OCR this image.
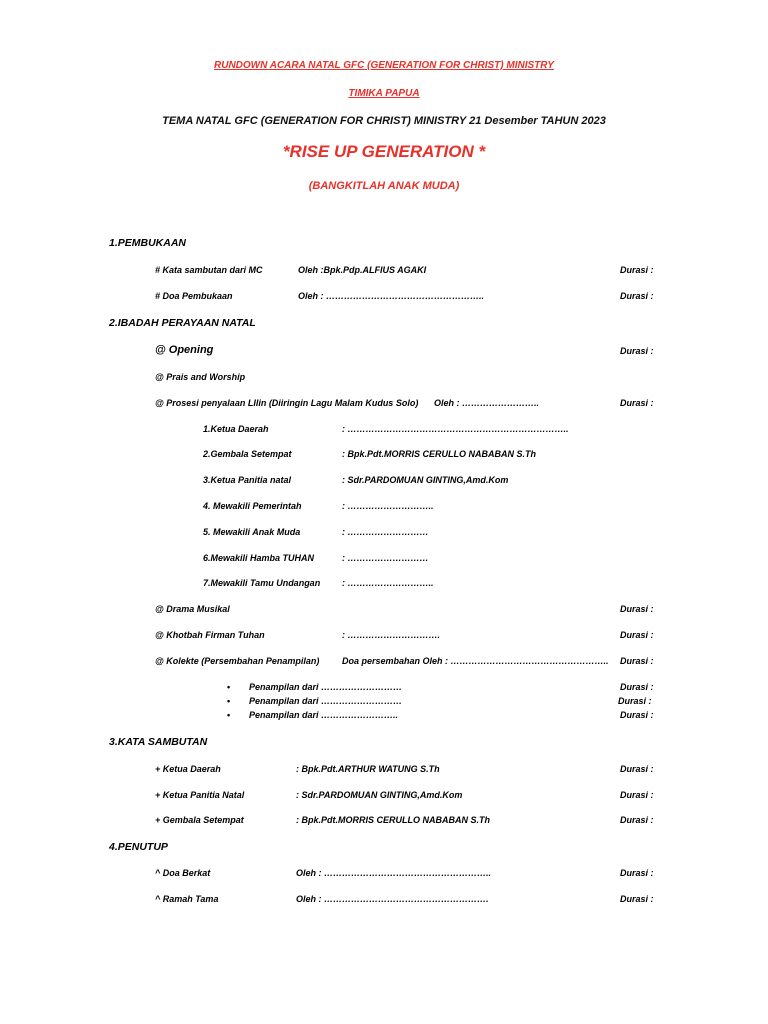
RUNDOWN ACARA NATAL GFC (GENERATION FOR CHRIST) MINISTRY
TIMIKA PAPUA
TEMA NATAL GFC (GENERATION FOR CHRIST) MINISTRY 21 Desember TAHUN 2023
*RISE UP GENERATION *
(BANGKITLAH ANAK MUDA)
1.PEMBUKAAN
# Kata sambutan dari MC	Oleh :Bpk.Pdp.ALFIUS AGAKI	Durasi :
# Doa Pembukaan	Oleh : ……………………………………………..	Durasi :
2.IBADAH PERAYAAN NATAL
@ Opening	Durasi :
@ Prais and Worship
@ Prosesi penyalaan LIlin (Diiringin Lagu Malam Kudus Solo) Oleh : ……………………..	Durasi :
1.Ketua Daerah	: ………………………………………………………………..
2.Gembala Setempat	: Bpk.Pdt.MORRIS CERULLO NABABAN S.Th
3.Ketua Panitia natal	: Sdr.PARDOMUAN GINTING,Amd.Kom
4. Mewakili Pemerintah	: ………………………..
5. Mewakili Anak Muda	: ………………………
6.Mewakili Hamba TUHAN	: ………………………
7.Mewakili Tamu Undangan : ………………………..
@ Drama Musikal	Durasi :
@ Khotbah Firman Tuhan	: ………………………….	Durasi :
@ Kolekte (Persembahan Penampilan)	Doa persembahan Oleh : …………………………………………….. Durasi :
• Penampilan dari ………………………	Durasi :
• Penampilan dari ………………………	Durasi :
• Penampilan dari ……………………..	Durasi :
3.KATA SAMBUTAN
+ Ketua Daerah	: Bpk.Pdt.ARTHUR WATUNG S.Th	Durasi :
+ Ketua Panitia Natal	: Sdr.PARDOMUAN GINTING,Amd.Kom	Durasi :
+ Gembala Setempat	: Bpk.Pdt.MORRIS CERULLO NABABAN S.Th	Durasi :
4.PENUTUP
^ Doa Berkat	Oleh : ………………………………………………..	Durasi :
^ Ramah Tama	Oleh : ……………………………………………….	Durasi :
